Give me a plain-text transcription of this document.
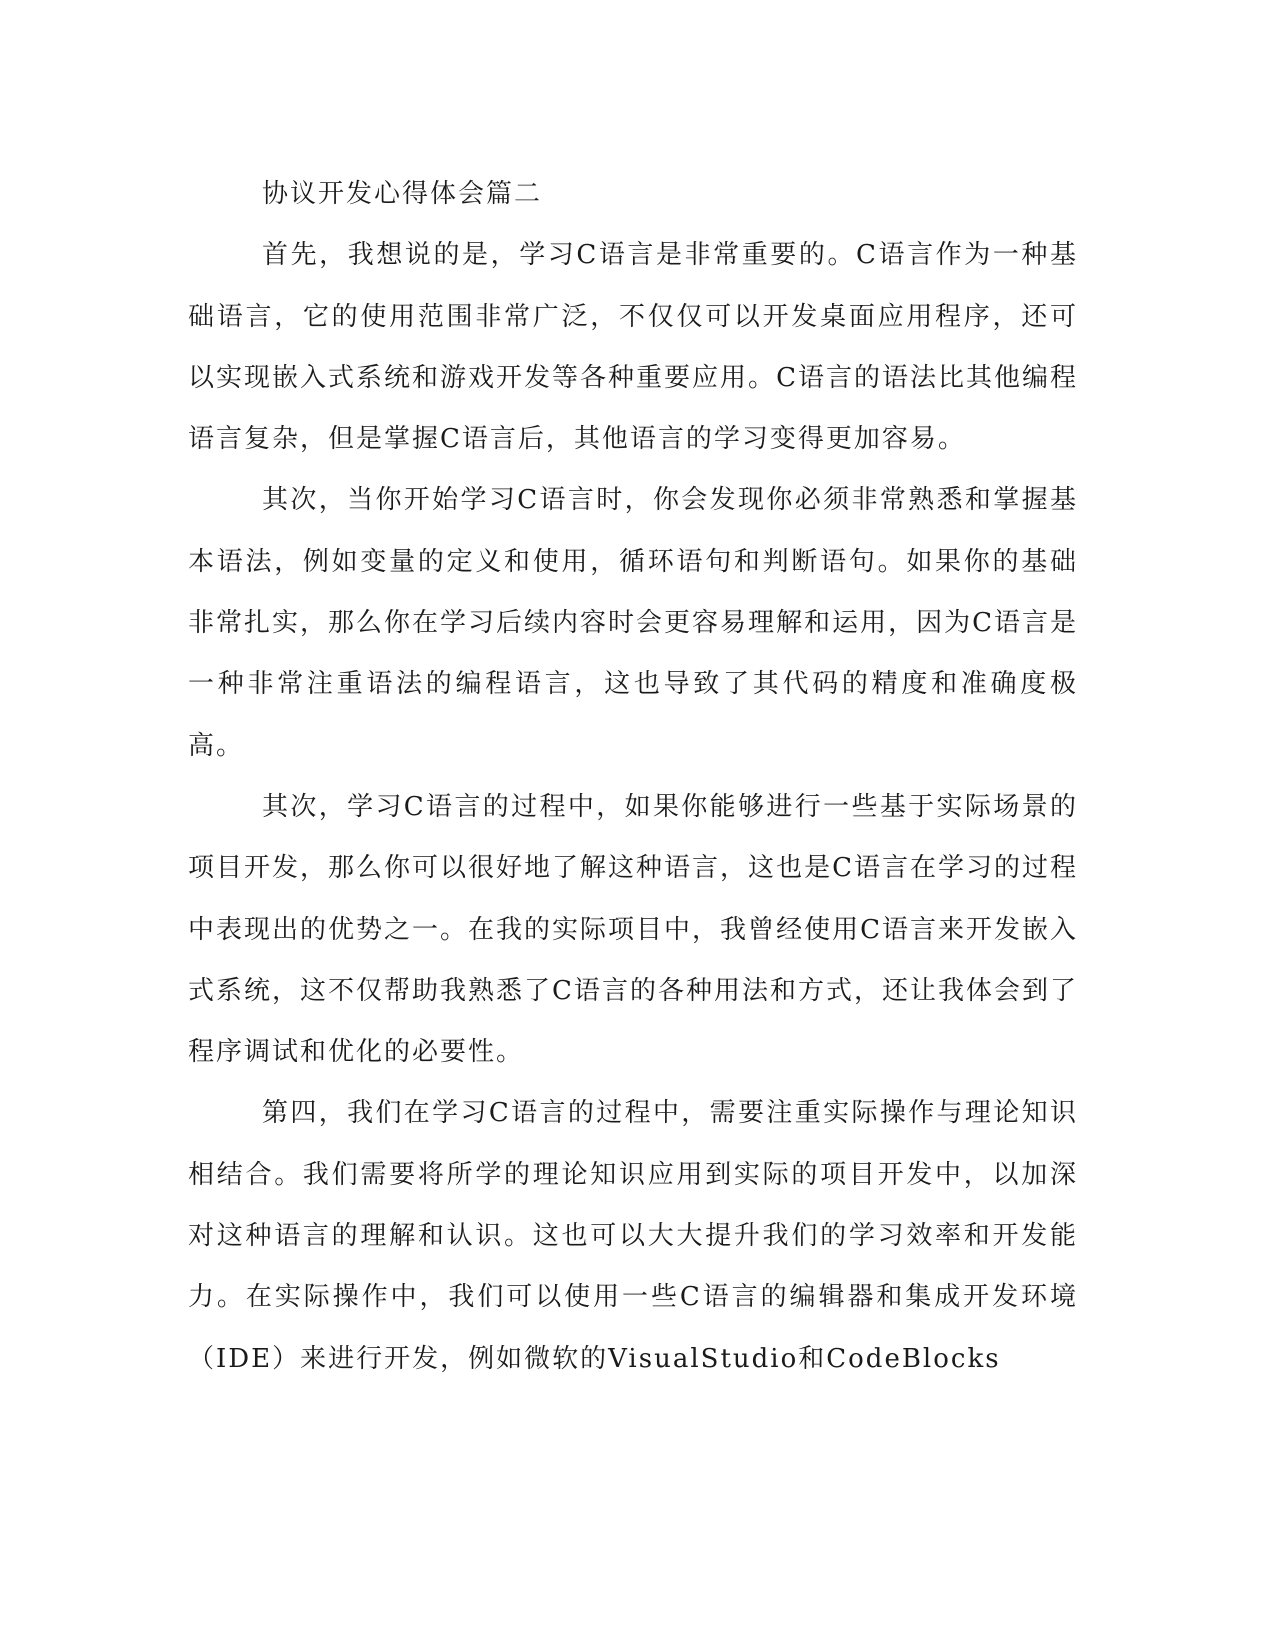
协议开发心得体会篇二

首先，我想说的是，学习C语言是非常重要的。C语言作为一种基础语言，它的使用范围非常广泛，不仅仅可以开发桌面应用程序，还可以实现嵌入式系统和游戏开发等各种重要应用。C语言的语法比其他编程语言复杂，但是掌握C语言后，其他语言的学习变得更加容易。

其次，当你开始学习C语言时，你会发现你必须非常熟悉和掌握基本语法，例如变量的定义和使用，循环语句和判断语句。如果你的基础非常扎实，那么你在学习后续内容时会更容易理解和运用，因为C语言是一种非常注重语法的编程语言，这也导致了其代码的精度和准确度极高。

其次，学习C语言的过程中，如果你能够进行一些基于实际场景的项目开发，那么你可以很好地了解这种语言，这也是C语言在学习的过程中表现出的优势之一。在我的实际项目中，我曾经使用C语言来开发嵌入式系统，这不仅帮助我熟悉了C语言的各种用法和方式，还让我体会到了程序调试和优化的必要性。

第四，我们在学习C语言的过程中，需要注重实际操作与理论知识相结合。我们需要将所学的理论知识应用到实际的项目开发中，以加深对这种语言的理解和认识。这也可以大大提升我们的学习效率和开发能力。在实际操作中，我们可以使用一些C语言的编辑器和集成开发环境（IDE）来进行开发，例如微软的VisualStudio和CodeBlocks
